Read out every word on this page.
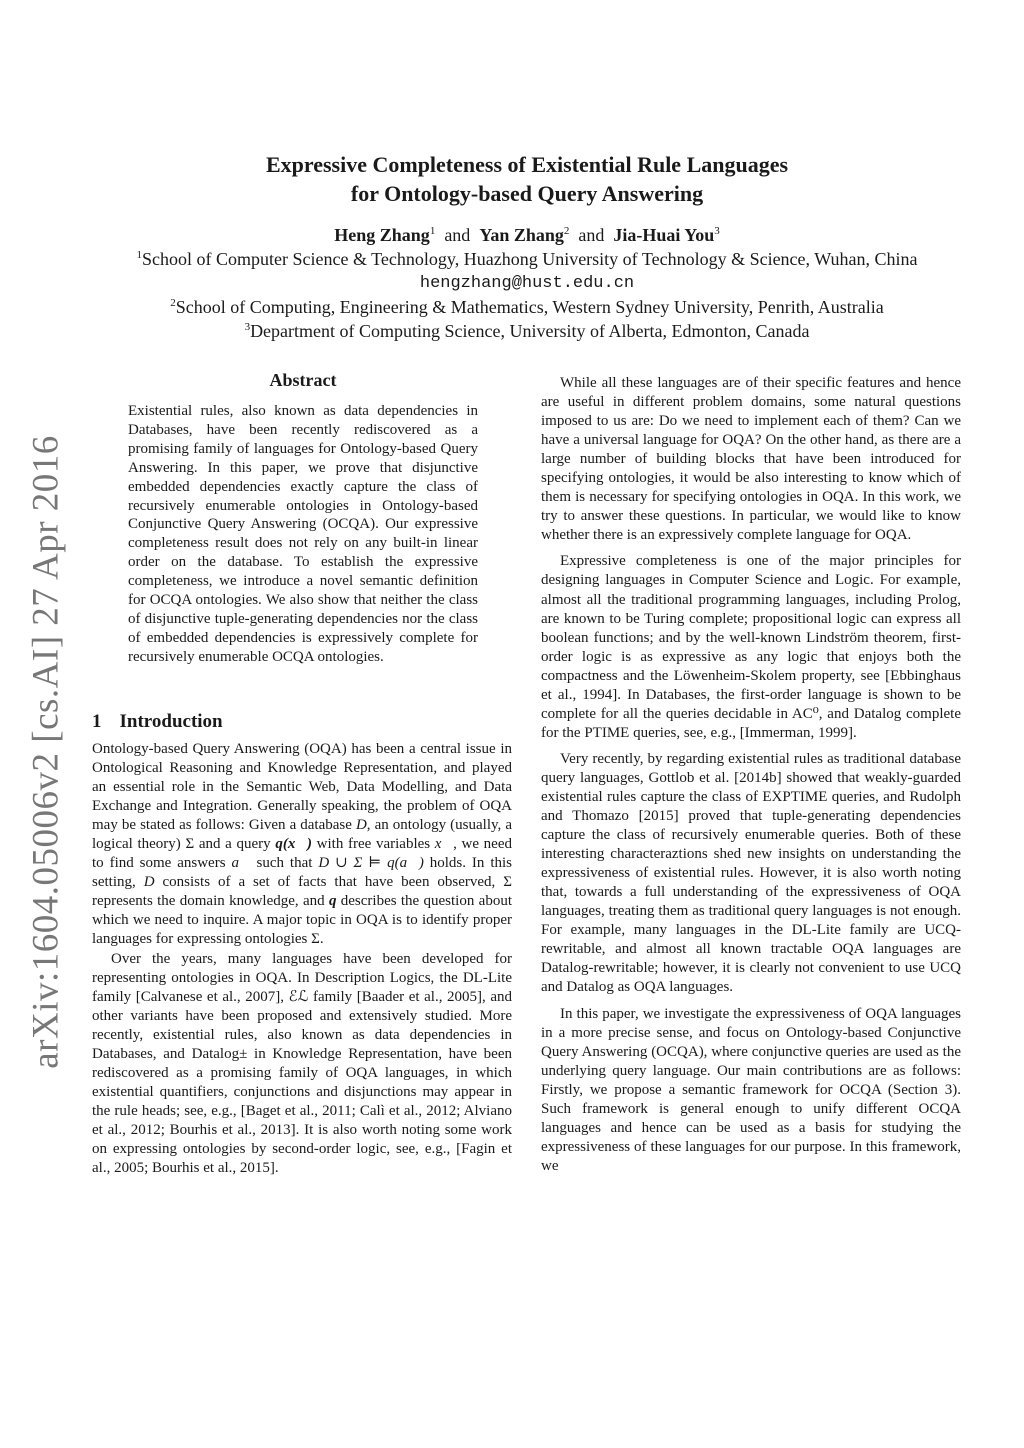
arXiv:1604.05006v2 [cs.AI] 27 Apr 2016
Expressive Completeness of Existential Rule Languages
for Ontology-based Query Answering
Heng Zhang$^1$ and Yan Zhang$^2$ and Jia-Huai You$^3$
$^1$School of Computer Science & Technology, Huazhong University of Technology & Science, Wuhan, China
hengzhang@hust.edu.cn
$^2$School of Computing, Engineering & Mathematics, Western Sydney University, Penrith, Australia
$^3$Department of Computing Science, University of Alberta, Edmonton, Canada
Abstract
Existential rules, also known as data dependencies in Databases, have been recently rediscovered as a promising family of languages for Ontology-based Query Answering. In this paper, we prove that disjunctive embedded dependencies exactly capture the class of recursively enumerable ontologies in Ontology-based Conjunctive Query Answering (OCQA). Our expressive completeness result does not rely on any built-in linear order on the database. To establish the expressive completeness, we introduce a novel semantic definition for OCQA ontologies. We also show that neither the class of disjunctive tuple-generating dependencies nor the class of embedded dependencies is expressively complete for recursively enumerable OCQA ontologies.
1 Introduction

Ontology-based Query Answering (OQA) has been a central issue in Ontological Reasoning and Knowledge Representation, and played an essential role in the Semantic Web, Data Modelling, and Data Exchange and Integration. Generally speaking, the problem of OQA may be stated as follows: Given a database D, an ontology (usually, a logical theory) Σ and a query q(x⃗) with free variables x⃗, we need to find some answers a⃗ such that D ∪ Σ ⊨ q(a⃗) holds. In this setting, D consists of a set of facts that have been observed, Σ represents the domain knowledge, and q describes the question about which we need to inquire. A major topic in OQA is to identify proper languages for expressing ontologies Σ.

Over the years, many languages have been developed for representing ontologies in OQA. In Description Logics, the DL-Lite family [Calvanese et al., 2007], ℰℒ family [Baader et al., 2005], and other variants have been proposed and extensively studied. More recently, existential rules, also known as data dependencies in Databases, and Datalog± in Knowledge Representation, have been rediscovered as a promising family of OQA languages, in which existential quantifiers, conjunctions and disjunctions may appear in the rule heads; see, e.g., [Baget et al., 2011; Calì et al., 2012; Alviano et al., 2012; Bourhis et al., 2013]. It is also worth noting some work on expressing ontologies by second-order logic, see, e.g., [Fagin et al., 2005; Bourhis et al., 2015].

While all these languages are of their specific features and hence are useful in different problem domains, some natural questions imposed to us are: Do we need to implement each of them? Can we have a universal language for OQA? On the other hand, as there are a large number of building blocks that have been introduced for specifying ontologies, it would be also interesting to know which of them is necessary for specifying ontologies in OQA. In this work, we try to answer these questions. In particular, we would like to know whether there is an expressively complete language for OQA.

Expressive completeness is one of the major principles for designing languages in Computer Science and Logic. For example, almost all the traditional programming languages, including Prolog, are known to be Turing complete; propositional logic can express all boolean functions; and by the well-known Lindström theorem, first-order logic is as expressive as any logic that enjoys both the compactness and the Löwenheim-Skolem property, see [Ebbinghaus et al., 1994]. In Databases, the first-order language is shown to be complete for all the queries decidable in AC⁰, and Datalog complete for the PTIME queries, see, e.g., [Immerman, 1999].

Very recently, by regarding existential rules as traditional database query languages, Gottlob et al. [2014b] showed that weakly-guarded existential rules capture the class of EXPTIME queries, and Rudolph and Thomazo [2015] proved that tuple-generating dependencies capture the class of recursively enumerable queries. Both of these interesting characteraztions shed new insights on understanding the expressiveness of existential rules. However, it is also worth noting that, towards a full understanding of the expressiveness of OQA languages, treating them as traditional query languages is not enough. For example, many languages in the DL-Lite family are UCQ-rewritable, and almost all known tractable OQA languages are Datalog-rewritable; however, it is clearly not convenient to use UCQ and Datalog as OQA languages.

In this paper, we investigate the expressiveness of OQA languages in a more precise sense, and focus on Ontology-based Conjunctive Query Answering (OCQA), where conjunctive queries are used as the underlying query language. Our main contributions are as follows: Firstly, we propose a semantic framework for OCQA (Section 3). Such framework is general enough to unify different OCQA languages and hence can be used as a basis for studying the expressiveness of these languages for our purpose. In this framework, we
